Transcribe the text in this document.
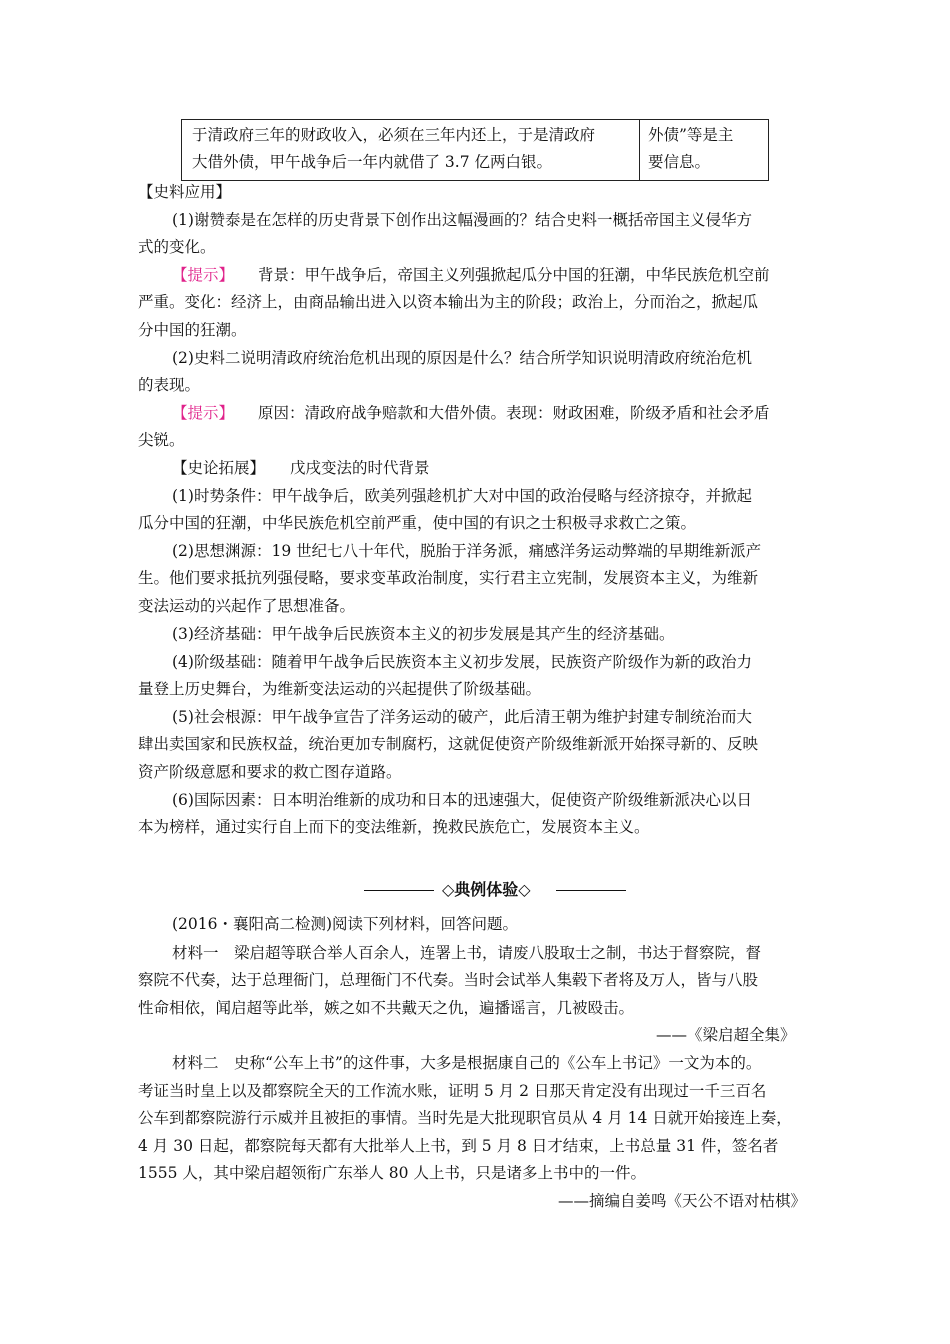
于清政府三年的财政收入，必须在三年内还上，于是清政府
大借外债，甲午战争后一年内就借了 3.7 亿两白银。
外债”等是主
要信息。
【史料应用】
(1)谢赞泰是在怎样的历史背景下创作出这幅漫画的？结合史料一概括帝国主义侵华方
式的变化。
【提示】 背景：甲午战争后，帝国主义列强掀起瓜分中国的狂潮，中华民族危机空前
严重。变化：经济上，由商品输出进入以资本输出为主的阶段；政治上，分而治之，掀起瓜
分中国的狂潮。
(2)史料二说明清政府统治危机出现的原因是什么？结合所学知识说明清政府统治危机
的表现。
【提示】 原因：清政府战争赔款和大借外债。表现：财政困难，阶级矛盾和社会矛盾
尖锐。
【史论拓展】 戊戌变法的时代背景
(1)时势条件：甲午战争后，欧美列强趁机扩大对中国的政治侵略与经济掠夺，并掀起
瓜分中国的狂潮，中华民族危机空前严重，使中国的有识之士积极寻求救亡之策。
(2)思想渊源：19 世纪七八十年代，脱胎于洋务派，痛感洋务运动弊端的早期维新派产
生。他们要求抵抗列强侵略，要求变革政治制度，实行君主立宪制，发展资本主义，为维新
变法运动的兴起作了思想准备。
(3)经济基础：甲午战争后民族资本主义的初步发展是其产生的经济基础。
(4)阶级基础：随着甲午战争后民族资本主义初步发展，民族资产阶级作为新的政治力
量登上历史舞台，为维新变法运动的兴起提供了阶级基础。
(5)社会根源：甲午战争宣告了洋务运动的破产，此后清王朝为维护封建专制统治而大
肆出卖国家和民族权益，统治更加专制腐朽，这就促使资产阶级维新派开始探寻新的、反映
资产阶级意愿和要求的救亡图存道路。
(6)国际因素：日本明治维新的成功和日本的迅速强大，促使资产阶级维新派决心以日
本为榜样，通过实行自上而下的变法维新，挽救民族危亡，发展资本主义。
◇典例体验◇
(2016・襄阳高二检测)阅读下列材料，回答问题。
材料一　梁启超等联合举人百余人，连署上书，请废八股取士之制，书达于督察院，督
察院不代奏，达于总理衙门，总理衙门不代奏。当时会试举人集毂下者将及万人，皆与八股
性命相依，闻启超等此举，嫉之如不共戴天之仇，遍播谣言，几被殴击。
——《梁启超全集》
材料二　史称“公车上书”的这件事，大多是根据康自己的《公车上书记》一文为本的。
考证当时皇上以及都察院全天的工作流水账，证明 5 月 2 日那天肯定没有出现过一千三百名
公车到都察院游行示威并且被拒的事情。当时先是大批现职官员从 4 月 14 日就开始接连上奏，
4 月 30 日起，都察院每天都有大批举人上书，到 5 月 8 日才结束，上书总量 31 件，签名者
1555 人，其中梁启超领衔广东举人 80 人上书，只是诸多上书中的一件。
——摘编自姜鸣《天公不语对枯棋》
